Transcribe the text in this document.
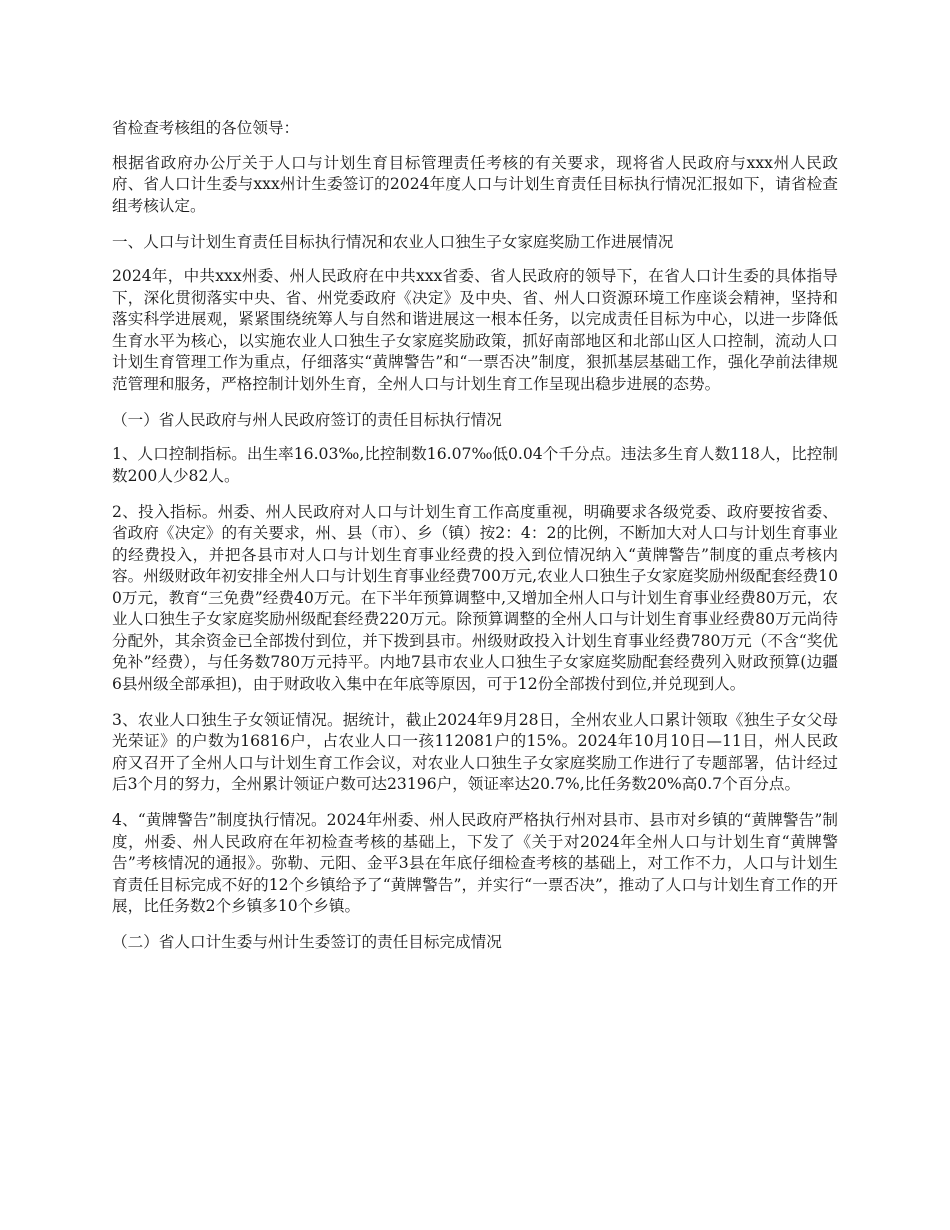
省检查考核组的各位领导：

根据省政府办公厅关于人口与计划生育目标管理责任考核的有关要求，现将省人民政府与xxx州人民政府、省人口计生委与xxx州计生委签订的2024年度人口与计划生育责任目标执行情况汇报如下，请省检查组考核认定。

一、人口与计划生育责任目标执行情况和农业人口独生子女家庭奖励工作进展情况

2024年，中共xxx州委、州人民政府在中共xxx省委、省人民政府的领导下，在省人口计生委的具体指导下，深化贯彻落实中央、省、州党委政府《决定》及中央、省、州人口资源环境工作座谈会精神，坚持和落实科学进展观，紧紧围绕统筹人与自然和谐进展这一根本任务，以完成责任目标为中心，以进一步降低生育水平为核心，以实施农业人口独生子女家庭奖励政策，抓好南部地区和北部山区人口控制，流动人口计划生育管理工作为重点，仔细落实“黄牌警告”和“一票否决”制度，狠抓基层基础工作，强化孕前法律规范管理和服务，严格控制计划外生育，全州人口与计划生育工作呈现出稳步进展的态势。

（一）省人民政府与州人民政府签订的责任目标执行情况

1、人口控制指标。出生率16.03‰,比控制数16.07‰低0.04个千分点。违法多生育人数118人，比控制数200人少82人。

2、投入指标。州委、州人民政府对人口与计划生育工作高度重视，明确要求各级党委、政府要按省委、省政府《决定》的有关要求，州、县（市）、乡（镇）按2：4：2的比例，不断加大对人口与计划生育事业的经费投入，并把各县市对人口与计划生育事业经费的投入到位情况纳入“黄牌警告”制度的重点考核内容。州级财政年初安排全州人口与计划生育事业经费700万元,农业人口独生子女家庭奖励州级配套经费100万元，教育“三免费”经费40万元。在下半年预算调整中,又增加全州人口与计划生育事业经费80万元，农业人口独生子女家庭奖励州级配套经费220万元。除预算调整的全州人口与计划生育事业经费80万元尚待分配外，其余资金已全部拨付到位，并下拨到县市。州级财政投入计划生育事业经费780万元（不含“奖优免补”经费），与任务数780万元持平。内地7县市农业人口独生子女家庭奖励配套经费列入财政预算(边疆6县州级全部承担)，由于财政收入集中在年底等原因，可于12份全部拨付到位,并兑现到人。

3、农业人口独生子女领证情况。据统计，截止2024年9月28日，全州农业人口累计领取《独生子女父母光荣证》的户数为16816户，占农业人口一孩112081户的15%。2024年10月10日—11日，州人民政府又召开了全州人口与计划生育工作会议，对农业人口独生子女家庭奖励工作进行了专题部署，估计经过后3个月的努力，全州累计领证户数可达23196户，领证率达20.7%,比任务数20%高0.7个百分点。

4、“黄牌警告”制度执行情况。2024年州委、州人民政府严格执行州对县市、县市对乡镇的“黄牌警告”制度，州委、州人民政府在年初检查考核的基础上，下发了《关于对2024年全州人口与计划生育“黄牌警告”考核情况的通报》。弥勒、元阳、金平3县在年底仔细检查考核的基础上，对工作不力，人口与计划生育责任目标完成不好的12个乡镇给予了“黄牌警告”，并实行“一票否决”，推动了人口与计划生育工作的开展，比任务数2个乡镇多10个乡镇。

（二）省人口计生委与州计生委签订的责任目标完成情况
